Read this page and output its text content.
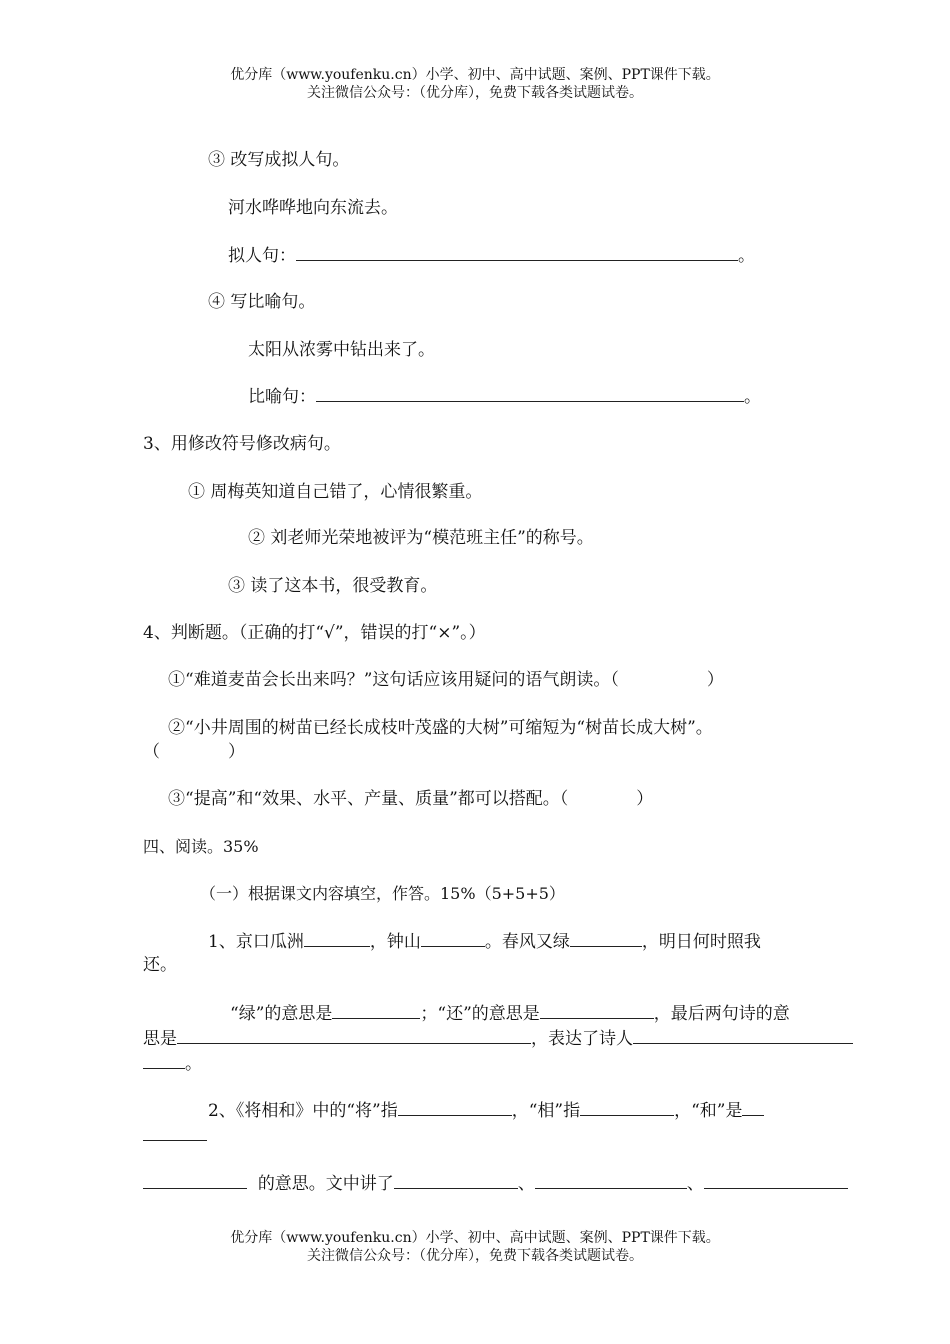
优分库（www.youfenku.cn）小学、初中、高中试题、案例、PPT课件下载。
关注微信公众号：（优分库），免费下载各类试题试卷。
③ 改写成拟人句。
河水哗哗地向东流去。
拟人句：	。
④ 写比喻句。
太阳从浓雾中钻出来了。
比喻句：	。
3、用修改符号修改病句。
① 周梅英知道自己错了，心情很繁重。
② 刘老师光荣地被评为“模范班主任”的称号。
③ 读了这本书，很受教育。
4、判断题。（正确的打“√”，错误的打“×”。）
①“难道麦苗会长出来吗？”这句话应该用疑问的语气朗读。（	）
②“小井周围的树苗已经长成枝叶茂盛的大树”可缩短为“树苗长成大树”。
（	）
③“提高”和“效果、水平、产量、质量”都可以搭配。（	）
四、阅读。35%
（一）根据课文内容填空，作答。15%（5+5+5）
1、京口瓜洲	，钟山	。春风又绿	，明日何时照我
还。
“绿”的意思是	；“还”的意思是	，最后两句诗的意
思是	，表达了诗人
。
2、《将相和》中的“将”指	，“相”指	，“和”是
的意思。文中讲了	、	、
优分库（www.youfenku.cn）小学、初中、高中试题、案例、PPT课件下载。
关注微信公众号：（优分库），免费下载各类试题试卷。
